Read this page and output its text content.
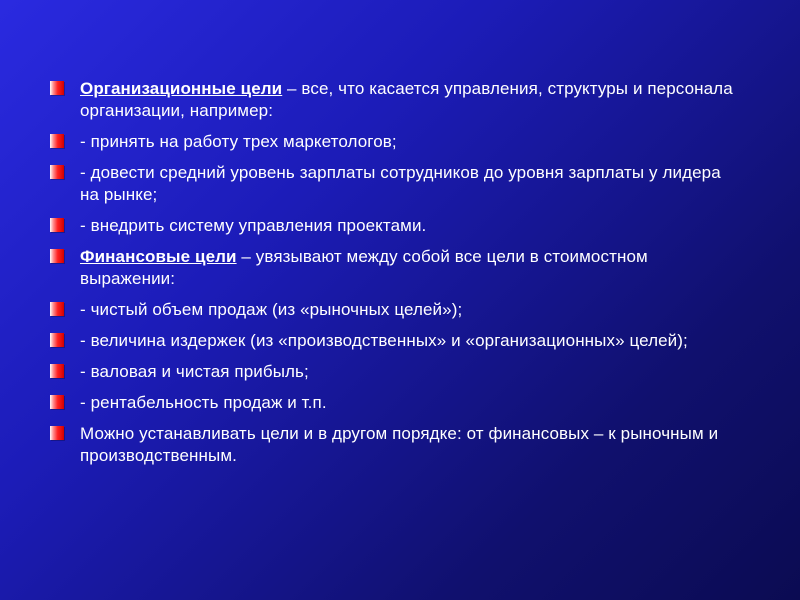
Организационные цели – все, что касается управления, структуры и персонала организации, например:
- принять на работу трех маркетологов;
- довести средний уровень зарплаты сотрудников до уровня зарплаты у лидера на рынке;
- внедрить систему управления проектами.
Финансовые цели – увязывают между собой все цели в стоимостном выражении:
- чистый объем продаж (из «рыночных целей»);
- величина издержек (из «производственных» и «организационных» целей);
- валовая и чистая прибыль;
- рентабельность продаж и т.п.
Можно устанавливать цели и в другом порядке: от финансовых – к рыночным и производственным.
